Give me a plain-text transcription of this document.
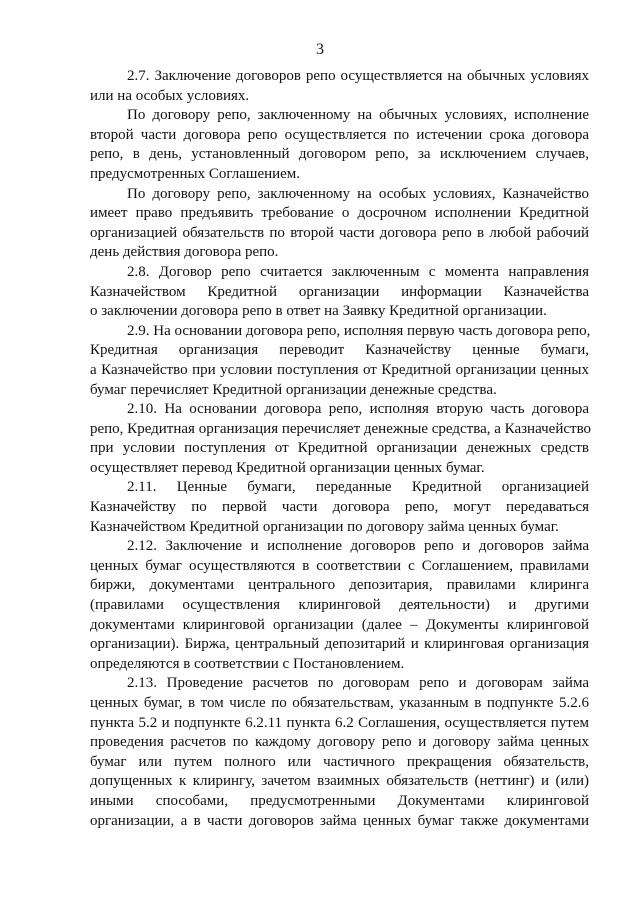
3
2.7. Заключение договоров репо осуществляется на обычных условиях
или на особых условиях.
По договору репо, заключенному на обычных условиях, исполнение
второй части договора репо осуществляется по истечении срока договора
репо, в день, установленный договором репо, за исключением случаев,
предусмотренных Соглашением.
По договору репо, заключенному на особых условиях, Казначейство
имеет право предъявить требование о досрочном исполнении Кредитной
организацией обязательств по второй части договора репо в любой рабочий
день действия договора репо.
2.8. Договор репо считается заключенным с момента направления
Казначейством Кредитной организации информации Казначейства
о заключении договора репо в ответ на Заявку Кредитной организации.
2.9. На основании договора репо, исполняя первую часть договора репо,
Кредитная организация переводит Казначейству ценные бумаги,
а Казначейство при условии поступления от Кредитной организации ценных
бумаг перечисляет Кредитной организации денежные средства.
2.10. На основании договора репо, исполняя вторую часть договора
репо, Кредитная организация перечисляет денежные средства, а Казначейство
при условии поступления от Кредитной организации денежных средств
осуществляет перевод Кредитной организации ценных бумаг.
2.11. Ценные бумаги, переданные Кредитной организацией
Казначейству по первой части договора репо, могут передаваться
Казначейством Кредитной организации по договору займа ценных бумаг.
2.12. Заключение и исполнение договоров репо и договоров займа
ценных бумаг осуществляются в соответствии с Соглашением, правилами
биржи, документами центрального депозитария, правилами клиринга
(правилами осуществления клиринговой деятельности) и другими
документами клиринговой организации (далее – Документы клиринговой
организации). Биржа, центральный депозитарий и клиринговая организация
определяются в соответствии с Постановлением.
2.13. Проведение расчетов по договорам репо и договорам займа
ценных бумаг, в том числе по обязательствам, указанным в подпункте 5.2.6
пункта 5.2 и подпункте 6.2.11 пункта 6.2 Соглашения, осуществляется путем
проведения расчетов по каждому договору репо и договору займа ценных
бумаг или путем полного или частичного прекращения обязательств,
допущенных к клирингу, зачетом взаимных обязательств (неттинг) и (или)
иными способами, предусмотренными Документами клиринговой
организации, а в части договоров займа ценных бумаг также документами
